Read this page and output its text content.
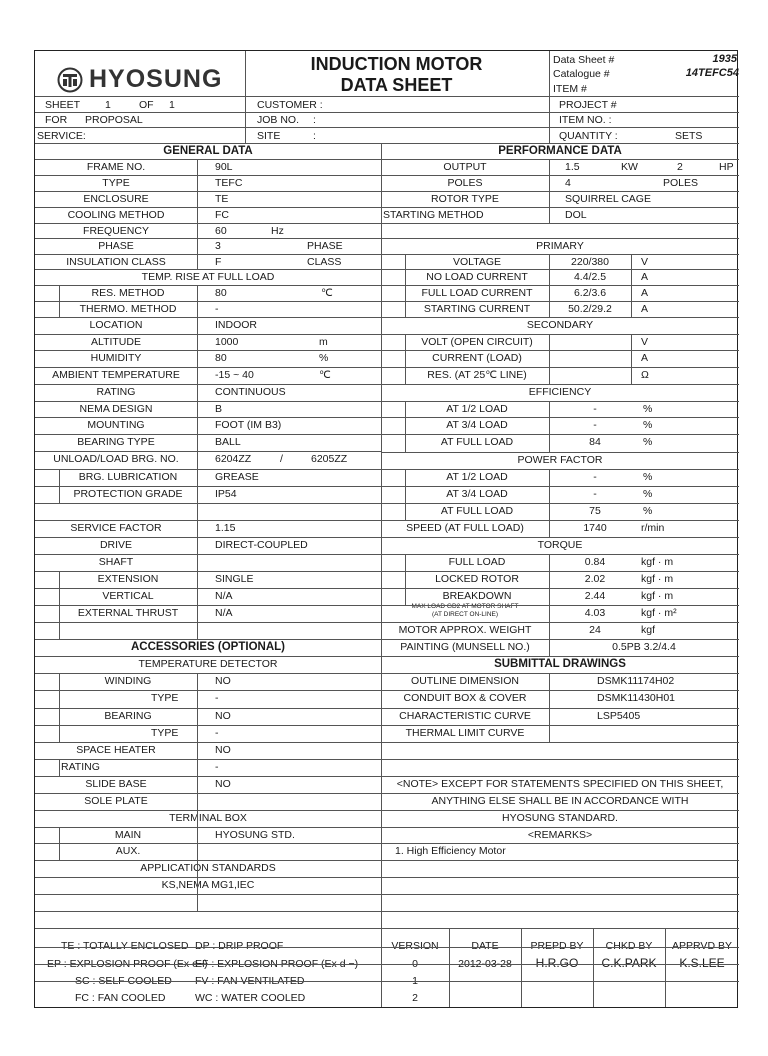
HYOSUNG
INDUCTION MOTOR
DATA SHEET
Data Sheet #	1935
Catalogue #	14TEFC54
ITEM #
SHEET 1	OF 1
FOR PROPOSAL
SERVICE:
CUSTOMER :
JOB NO. :
SITE	:
PROJECT #
ITEM NO. :
QUANTITY :	SETS
GENERAL DATA	PERFORMANCE DATA
FRAME NO.	90L
TYPE	TEFC
ENCLOSURE	TE
COOLING METHOD	FC
FREQUENCY	60	Hz
PHASE	3	PHASE
INSULATION CLASS	F	CLASS
TEMP. RISE AT FULL LOAD
RES. METHOD	80	℃
THERMO. METHOD	-
LOCATION	INDOOR
ALTITUDE	1000	m
HUMIDITY	80	%
AMBIENT TEMPERATURE	-15 ~ 40	℃
RATING	CONTINUOUS
NEMA DESIGN	B
MOUNTING	FOOT (IM B3)
BEARING TYPE	BALL
UNLOAD/LOAD BRG. NO.	6204ZZ	/	6205ZZ
BRG. LUBRICATION	GREASE
PROTECTION GRADE	IP54
SERVICE FACTOR	1.15
DRIVE	DIRECT-COUPLED
SHAFT
EXTENSION	SINGLE
VERTICAL	N/A
EXTERNAL THRUST	N/A
OUTPUT	1.5	KW	2	HP
POLES	4	POLES
ROTOR TYPE	SQUIRREL CAGE
STARTING METHOD	DOL
PRIMARY
VOLTAGE	220/380	V
NO LOAD CURRENT	4.4/2.5	A
FULL LOAD CURRENT	6.2/3.6	A
STARTING CURRENT	50.2/29.2	A
SECONDARY
VOLT (OPEN CIRCUIT)	V
CURRENT (LOAD)	A
RES. (AT 25℃ LINE)	Ω
EFFICIENCY
AT 1/2 LOAD	-	%
AT 3/4 LOAD	-	%
AT FULL LOAD	84	%
POWER FACTOR
AT 1/2 LOAD	-	%
AT 3/4 LOAD	-	%
AT FULL LOAD	75	%
SPEED (AT FULL LOAD)	1740	r/min
TORQUE
FULL LOAD	0.84	kgf · m
LOCKED ROTOR	2.02	kgf · m
BREAKDOWN	2.44	kgf · m
MAX LOAD GD2 AT MOTOR SHAFT
(AT DIRECT ON-LINE)	4.03	kgf · m²
MOTOR APPROX. WEIGHT	24	kgf
PAINTING (MUNSELL NO.)	0.5PB 3.2/4.4
ACCESSORIES (OPTIONAL)
TEMPERATURE DETECTOR
WINDING	NO
TYPE	-
BEARING	NO
TYPE	-
SPACE HEATER	NO
RATING	-
SLIDE BASE	NO
SOLE PLATE
TERMINAL BOX
MAIN	HYOSUNG STD.
AUX.
APPLICATION STANDARDS
KS,NEMA MG1,IEC
SUBMITTAL DRAWINGS
OUTLINE DIMENSION	DSMK11174H02
CONDUIT BOX & COVER	DSMK11430H01
CHARACTERISTIC CURVE	LSP5405
THERMAL LIMIT CURVE
<NOTE> EXCEPT FOR STATEMENTS SPECIFIED ON THIS SHEET,
ANYTHING ELSE SHALL BE IN ACCORDANCE WITH
HYOSUNG STANDARD.
<REMARKS>
1. High Efficiency Motor
TE : TOTALLY ENCLOSED DP : DRIP PROOF
EP : EXPLOSION PROOF (Ex e−)
EF : EXPLOSION PROOF (Ex d −)
SC : SELF COOLED FV : FAN VENTILATED
FC : FAN COOLED	WC : WATER COOLED
VERSION	DATE	PREPD BY	CHKD BY	APPRVD BY
0	2012-03-28	H.R.GO	C.K.PARK	K.S.LEE
1
2
